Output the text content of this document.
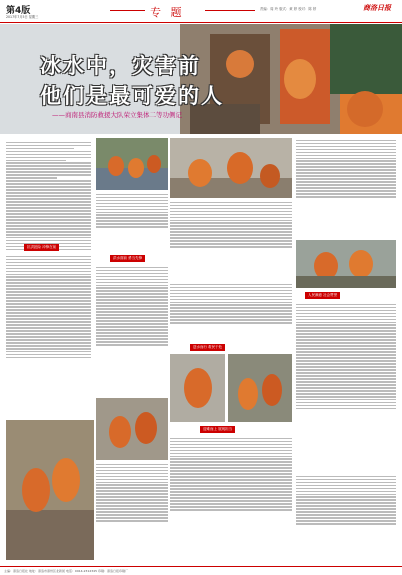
第4版
2017年7月5日 星期三	专 题	责编：周 玲 版式：黄 婷 校对：陈 婷	商洛日报
冰水中，灾害前
他们是最可爱的人
——商南县消防救援大队荣立集体二等功侧记
抗洪抢险 冲锋在前
洪水面前 勇当先锋
人民满意 社会赞誉
逆水而行 救民于危
迎难而上 展现担当
主编：商洛日报社 地址：商洛市商州区北新街 电话：0914-2312345 印刷：商洛日报印刷厂
